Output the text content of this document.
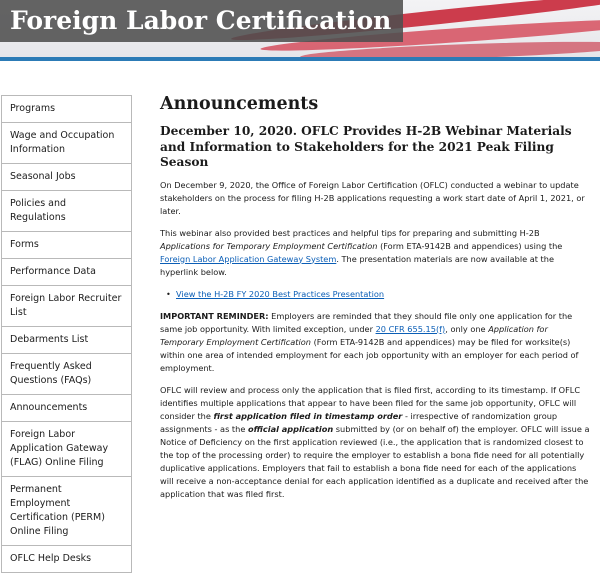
Foreign Labor Certification
Programs
Wage and Occupation Information
Seasonal Jobs
Policies and Regulations
Forms
Performance Data
Foreign Labor Recruiter List
Debarments List
Frequently Asked Questions (FAQs)
Announcements
Foreign Labor Application Gateway (FLAG) Online Filing
Permanent Employment Certification (PERM) Online Filing
OFLC Help Desks
Announcements
December 10, 2020. OFLC Provides H-2B Webinar Materials and Information to Stakeholders for the 2021 Peak Filing Season

On December 9, 2020, the Office of Foreign Labor Certification (OFLC) conducted a webinar to update stakeholders on the process for filing H-2B applications requesting a work start date of April 1, 2021, or later.

This webinar also provided best practices and helpful tips for preparing and submitting H-2B Applications for Temporary Employment Certification (Form ETA-9142B and appendices) using the Foreign Labor Application Gateway System. The presentation materials are now available at the hyperlink below.

• View the H-2B FY 2020 Best Practices Presentation

IMPORTANT REMINDER: Employers are reminded that they should file only one application for the same job opportunity. With limited exception, under 20 CFR 655.15(f), only one Application for Temporary Employment Certification (Form ETA-9142B and appendices) may be filed for worksite(s) within one area of intended employment for each job opportunity with an employer for each period of employment.

OFLC will review and process only the application that is filed first, according to its timestamp. If OFLC identifies multiple applications that appear to have been filed for the same job opportunity, OFLC will consider the first application filed in timestamp order - irrespective of randomization group assignments - as the official application submitted by (or on behalf of) the employer. OFLC will issue a Notice of Deficiency on the first application reviewed (i.e., the application that is randomized closest to the top of the processing order) to require the employer to establish a bona fide need for all potentially duplicative applications. Employers that fail to establish a bona fide need for each of the applications will receive a non-acceptance denial for each application identified as a duplicate and received after the application that was filed first.
